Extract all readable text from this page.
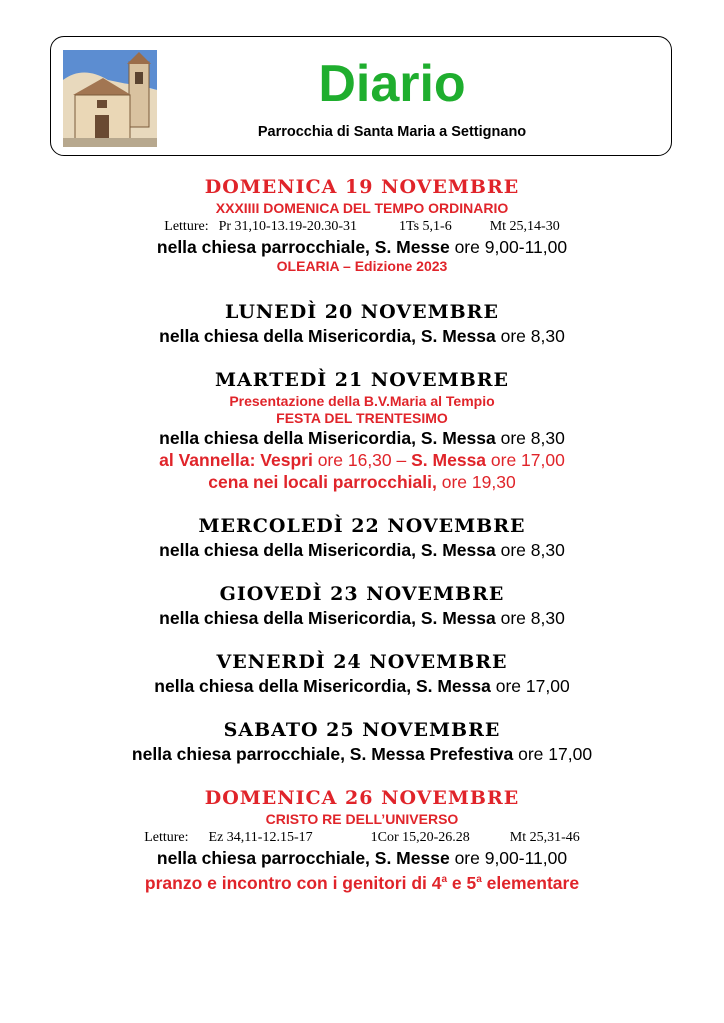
Diario
Parrocchia di Santa Maria a Settignano
DOMENICA 19 NOVEMBRE
XXXIIII DOMENICA DEL TEMPO ORDINARIO
Letture: Pr 31,10-13.19-20.30-31	1Ts 5,1-6	Mt 25,14-30
nella chiesa parrocchiale, S. Messe ore 9,00-11,00
OLEARIA – Edizione 2023
LUNEDÌ 20 NOVEMBRE
nella chiesa della Misericordia, S. Messa ore 8,30
MARTEDÌ 21 NOVEMBRE
Presentazione della B.V.Maria al Tempio
FESTA DEL TRENTESIMO
nella chiesa della Misericordia, S. Messa ore 8,30
al Vannella: Vespri ore 16,30 – S. Messa ore 17,00
cena nei locali parrocchiali, ore 19,30
MERCOLEDÌ 22 NOVEMBRE
nella chiesa della Misericordia, S. Messa ore 8,30
GIOVEDÌ 23 NOVEMBRE
nella chiesa della Misericordia, S. Messa ore 8,30
VENERDÌ 24 NOVEMBRE
nella chiesa della Misericordia, S. Messa ore 17,00
SABATO 25 NOVEMBRE
nella chiesa parrocchiale, S. Messa Prefestiva ore 17,00
DOMENICA 26 NOVEMBRE
CRISTO RE DELL’UNIVERSO
Letture: Ez 34,11-12.15-17	1Cor 15,20-26.28	Mt 25,31-46
nella chiesa parrocchiale, S. Messe ore 9,00-11,00
pranzo e incontro con i genitori di 4$^a$ e 5$^a$ elementare
